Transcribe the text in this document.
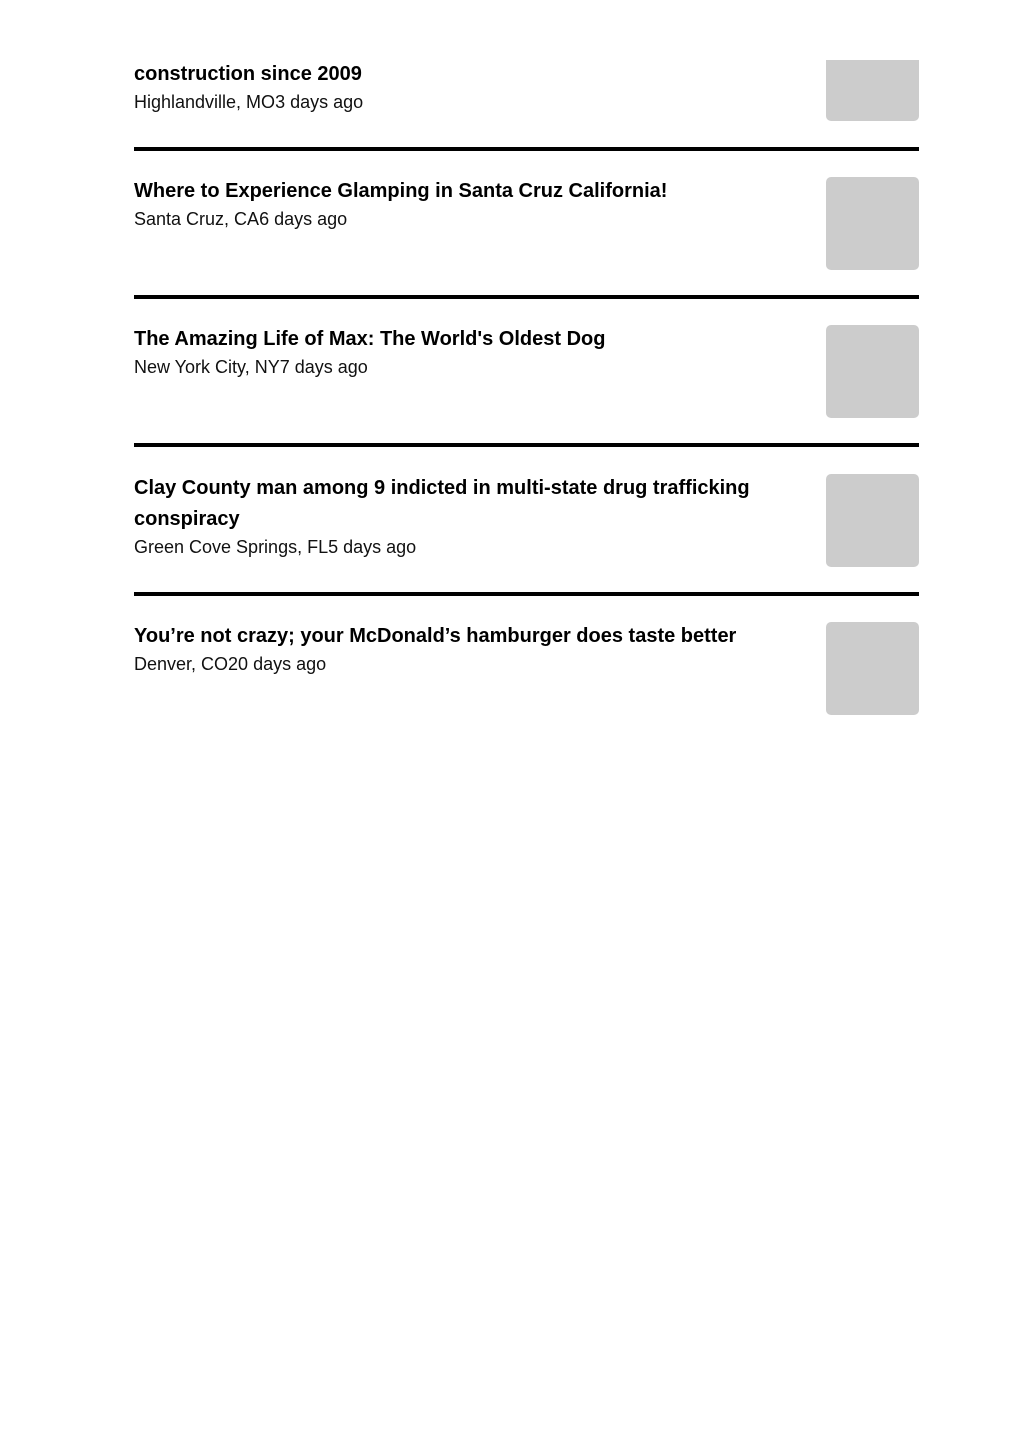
construction since 2009
Highlandville, MO3 days ago
Where to Experience Glamping in Santa Cruz California!
Santa Cruz, CA6 days ago
The Amazing Life of Max: The World's Oldest Dog
New York City, NY7 days ago
Clay County man among 9 indicted in multi-state drug trafficking conspiracy
Green Cove Springs, FL5 days ago
You’re not crazy; your McDonald’s hamburger does taste better
Denver, CO20 days ago
